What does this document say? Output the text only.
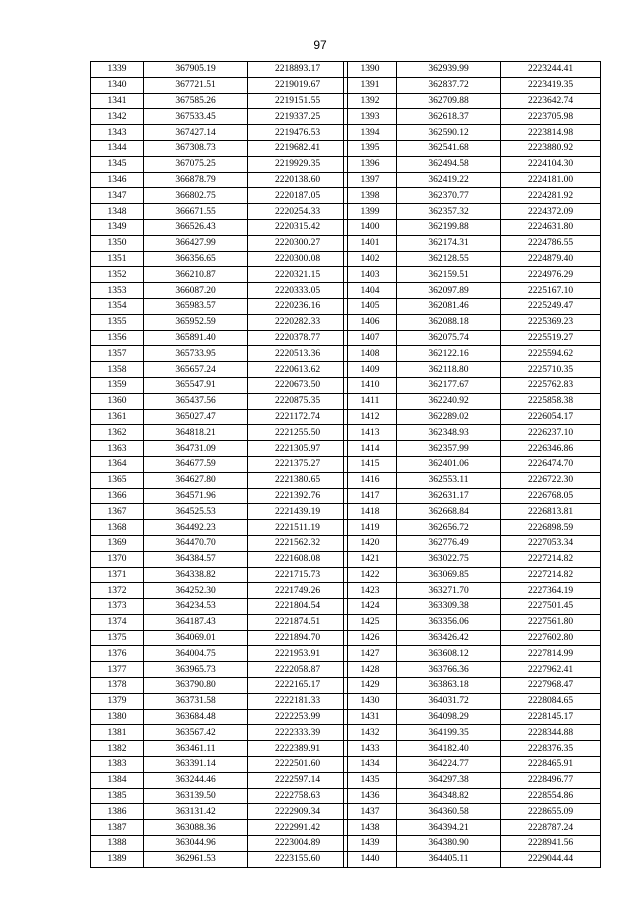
97
1339	367905.19	2218893.17
1340	367721.51	2219019.67
1341	367585.26	2219151.55
1342	367533.45	2219337.25
1343	367427.14	2219476.53
1344	367308.73	2219682.41
1345	367075.25	2219929.35
1346	366878.79	2220138.60
1347	366802.75	2220187.05
1348	366671.55	2220254.33
1349	366526.43	2220315.42
1350	366427.99	2220300.27
1351	366356.65	2220300.08
1352	366210.87	2220321.15
1353	366087.20	2220333.05
1354	365983.57	2220236.16
1355	365952.59	2220282.33
1356	365891.40	2220378.77
1357	365733.95	2220513.36
1358	365657.24	2220613.62
1359	365547.91	2220673.50
1360	365437.56	2220875.35
1361	365027.47	2221172.74
1362	364818.21	2221255.50
1363	364731.09	2221305.97
1364	364677.59	2221375.27
1365	364627.80	2221380.65
1366	364571.96	2221392.76
1367	364525.53	2221439.19
1368	364492.23	2221511.19
1369	364470.70	2221562.32
1370	364384.57	2221608.08
1371	364338.82	2221715.73
1372	364252.30	2221749.26
1373	364234.53	2221804.54
1374	364187.43	2221874.51
1375	364069.01	2221894.70
1376	364004.75	2221953.91
1377	363965.73	2222058.87
1378	363790.80	2222165.17
1379	363731.58	2222181.33
1380	363684.48	2222253.99
1381	363567.42	2222333.39
1382	363461.11	2222389.91
1383	363391.14	2222501.60
1384	363244.46	2222597.14
1385	363139.50	2222758.63
1386	363131.42	2222909.34
1387	363088.36	2222991.42
1388	363044.96	2223004.89
1389	362961.53	2223155.60
1390	362939.99	2223244.41
1391	362837.72	2223419.35
1392	362709.88	2223642.74
1393	362618.37	2223705.98
1394	362590.12	2223814.98
1395	362541.68	2223880.92
1396	362494.58	2224104.30
1397	362419.22	2224181.00
1398	362370.77	2224281.92
1399	362357.32	2224372.09
1400	362199.88	2224631.80
1401	362174.31	2224786.55
1402	362128.55	2224879.40
1403	362159.51	2224976.29
1404	362097.89	2225167.10
1405	362081.46	2225249.47
1406	362088.18	2225369.23
1407	362075.74	2225519.27
1408	362122.16	2225594.62
1409	362118.80	2225710.35
1410	362177.67	2225762.83
1411	362240.92	2225858.38
1412	362289.02	2226054.17
1413	362348.93	2226237.10
1414	362357.99	2226346.86
1415	362401.06	2226474.70
1416	362553.11	2226722.30
1417	362631.17	2226768.05
1418	362668.84	2226813.81
1419	362656.72	2226898.59
1420	362776.49	2227053.34
1421	363022.75	2227214.82
1422	363069.85	2227214.82
1423	363271.70	2227364.19
1424	363309.38	2227501.45
1425	363356.06	2227561.80
1426	363426.42	2227602.80
1427	363608.12	2227814.99
1428	363766.36	2227962.41
1429	363863.18	2227968.47
1430	364031.72	2228084.65
1431	364098.29	2228145.17
1432	364199.35	2228344.88
1433	364182.40	2228376.35
1434	364224.77	2228465.91
1435	364297.38	2228496.77
1436	364348.82	2228554.86
1437	364360.58	2228655.09
1438	364394.21	2228787.24
1439	364380.90	2228941.56
1440	364405.11	2229044.44
